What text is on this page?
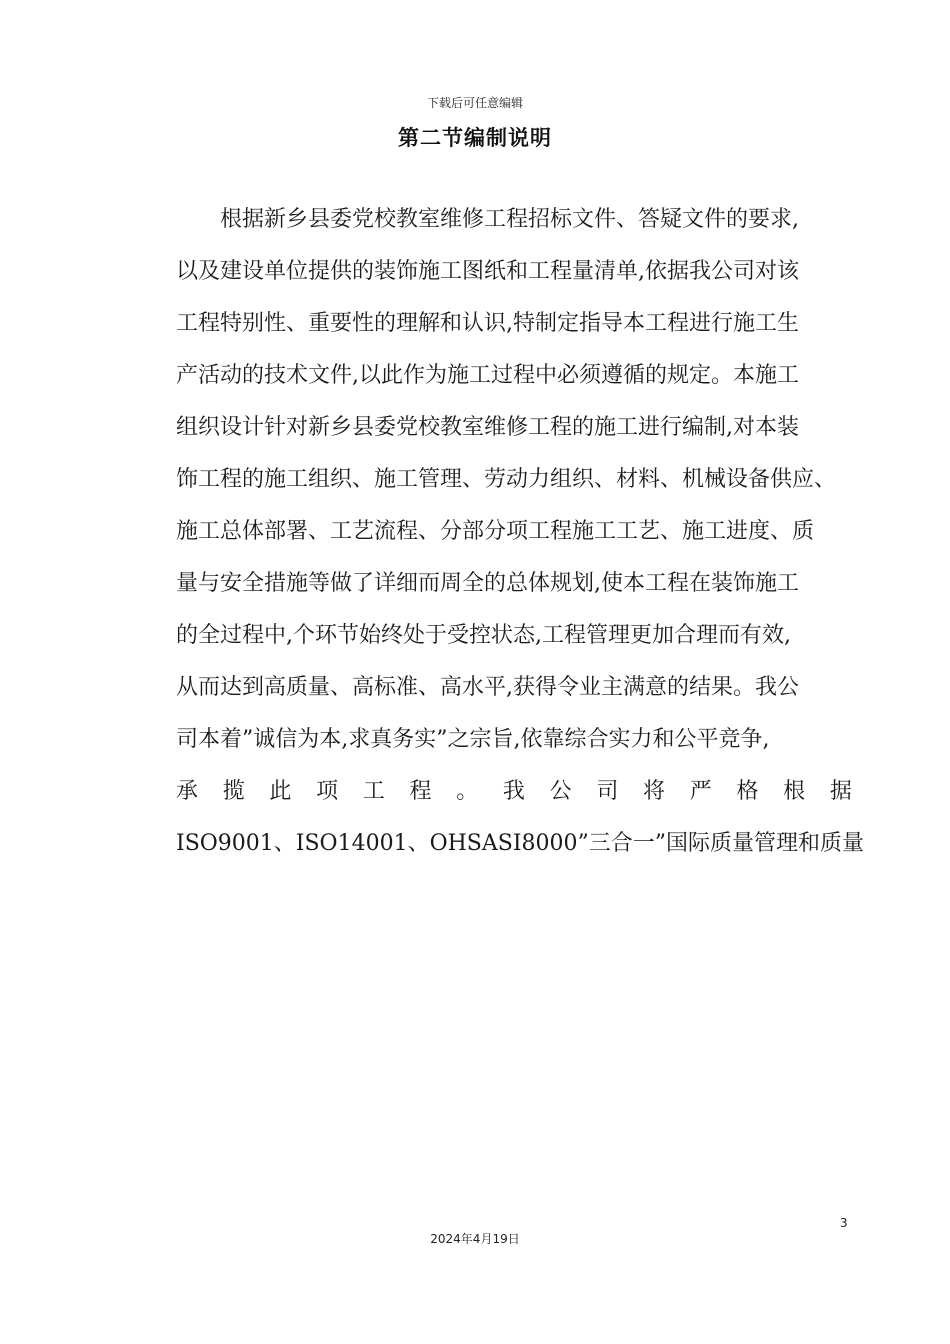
下载后可任意编辑
第二节编制说明
根据新乡县委党校教室维修工程招标文件、答疑文件的要求,
以及建设单位提供的装饰施工图纸和工程量清单,依据我公司对该
工程特别性、重要性的理解和认识,特制定指导本工程进行施工生
产活动的技术文件,以此作为施工过程中必须遵循的规定。本施工
组织设计针对新乡县委党校教室维修工程的施工进行编制,对本装
饰工程的施工组织、施工管理、劳动力组织、材料、机械设备供应、
施工总体部署、工艺流程、分部分项工程施工工艺、施工进度、质
量与安全措施等做了详细而周全的总体规划,使本工程在装饰施工
的全过程中,个环节始终处于受控状态,工程管理更加合理而有效,
从而达到高质量、高标准、高水平,获得令业主满意的结果。我公
司本着”诚信为本,求真务实”之宗旨,依靠综合实力和公平竞争,
承 揽 此 项 工 程 。 我 公 司 将 严 格 根 据
ISO9001、ISO14001、OHSASI8000”三合一”国际质量管理和质量
3
2024年4月19日
